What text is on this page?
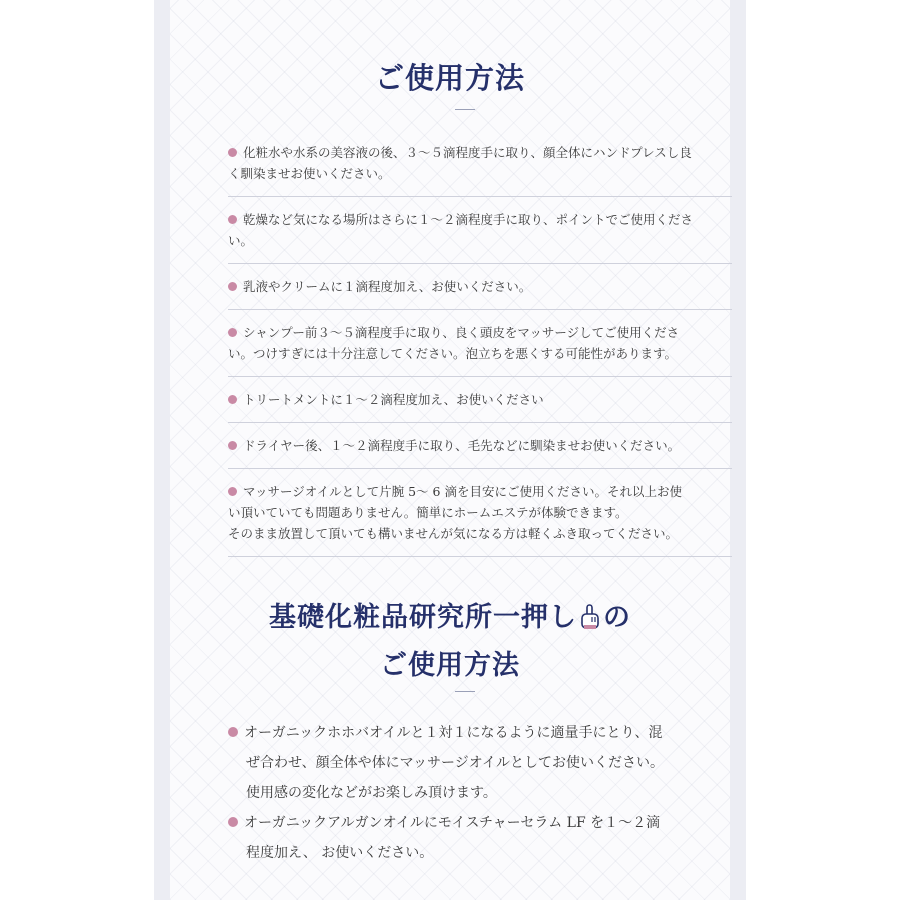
ご使用方法
化粧水や水系の美容液の後、３〜５滴程度手に取り、顔全体にハンドプレスし良
く馴染ませお使いください。
乾燥など気になる場所はさらに１〜２滴程度手に取り、ポイントでご使用くださ
い。
乳液やクリームに１滴程度加え、お使いください。
シャンプー前３〜５滴程度手に取り、良く頭皮をマッサージしてご使用くださ
い。つけすぎには十分注意してください。泡立ちを悪くする可能性があります。
トリートメントに１〜２滴程度加え、お使いください
ドライヤー後、１〜２滴程度手に取り、毛先などに馴染ませお使いください。
マッサージオイルとして片腕 5〜 6 滴を目安にご使用ください。それ以上お使
い頂いていても問題ありません。簡単にホームエステが体験できます。
そのまま放置して頂いても構いませんが気になる方は軽くふき取ってください。
基礎化粧品研究所一押し の
ご使用方法
オーガニックホホバオイルと１対１になるように適量手にとり、混
ぜ合わせ、顔全体や体にマッサージオイルとしてお使いください。
使用感の変化などがお楽しみ頂けます。
オーガニックアルガンオイルにモイスチャーセラム LF を１〜２滴
程度加え、 お使いください。
